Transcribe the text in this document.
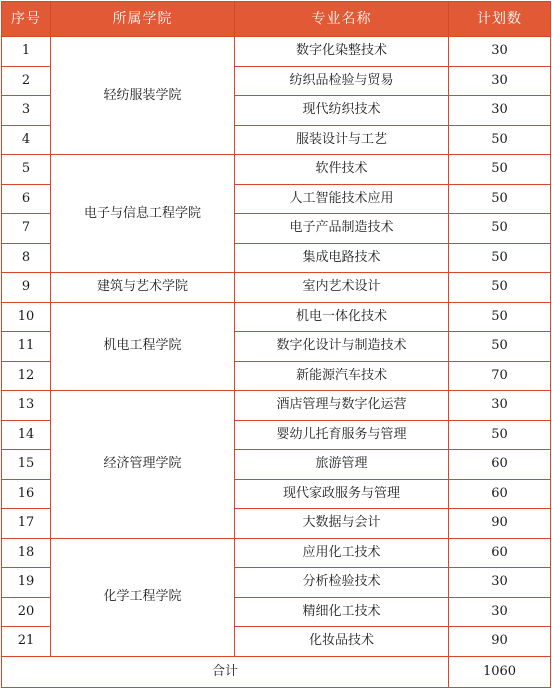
序号	所属学院	专业名称	计划数
1	轻纺服装学院	数字化染整技术	30
2		纺织品检验与贸易	30
3		现代纺织技术	30
4		服装设计与工艺	50
5	电子与信息工程学院	软件技术	50
6		人工智能技术应用	50
7		电子产品制造技术	50
8		集成电路技术	50
9	建筑与艺术学院	室内艺术设计	50
10	机电工程学院	机电一体化技术	50
11		数字化设计与制造技术	50
12		新能源汽车技术	70
13	经济管理学院	酒店管理与数字化运营	30
14		婴幼儿托育服务与管理	50
15		旅游管理	60
16		现代家政服务与管理	60
17		大数据与会计	90
18	化学工程学院	应用化工技术	60
19		分析检验技术	30
20		精细化工技术	30
21		化妆品技术	90
合计			1060
